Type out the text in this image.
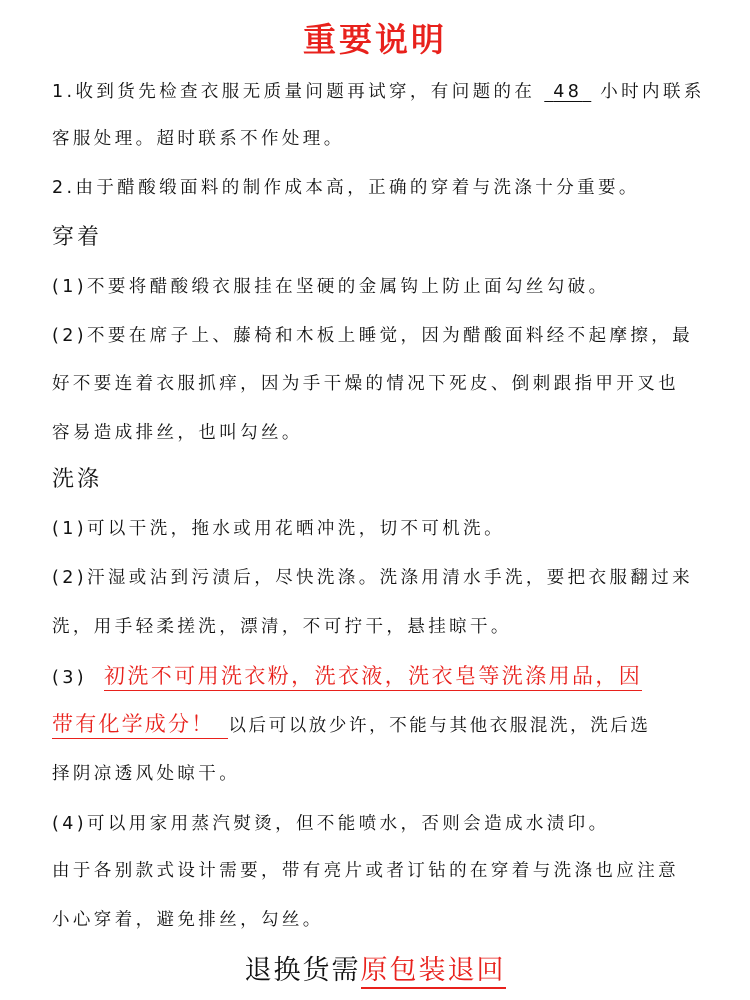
重要说明
1.收到货先检查衣服无质量问题再试穿，有问题的在 48 小时内联系
客服处理。超时联系不作处理。
2.由于醋酸缎面料的制作成本高，正确的穿着与洗涤十分重要。
穿着
(1)不要将醋酸缎衣服挂在坚硬的金属钩上防止面勾丝勾破。
(2)不要在席子上、藤椅和木板上睡觉，因为醋酸面料经不起摩擦，最
好不要连着衣服抓痒，因为手干燥的情况下死皮、倒刺跟指甲开叉也
容易造成排丝，也叫勾丝。
洗涤
(1)可以干洗，拖水或用花晒冲洗，切不可机洗。
(2)汗湿或沾到污渍后，尽快洗涤。洗涤用清水手洗，要把衣服翻过来
洗，用手轻柔搓洗，漂清，不可拧干，悬挂晾干。
(3) 初洗不可用洗衣粉，洗衣液，洗衣皂等洗涤用品，因
带有化学成分！ 以后可以放少许，不能与其他衣服混洗，洗后选
择阴凉透风处晾干。
(4)可以用家用蒸汽熨烫，但不能喷水，否则会造成水渍印。
由于各别款式设计需要，带有亮片或者订钻的在穿着与洗涤也应注意
小心穿着，避免排丝，勾丝。
退换货需原包装退回
